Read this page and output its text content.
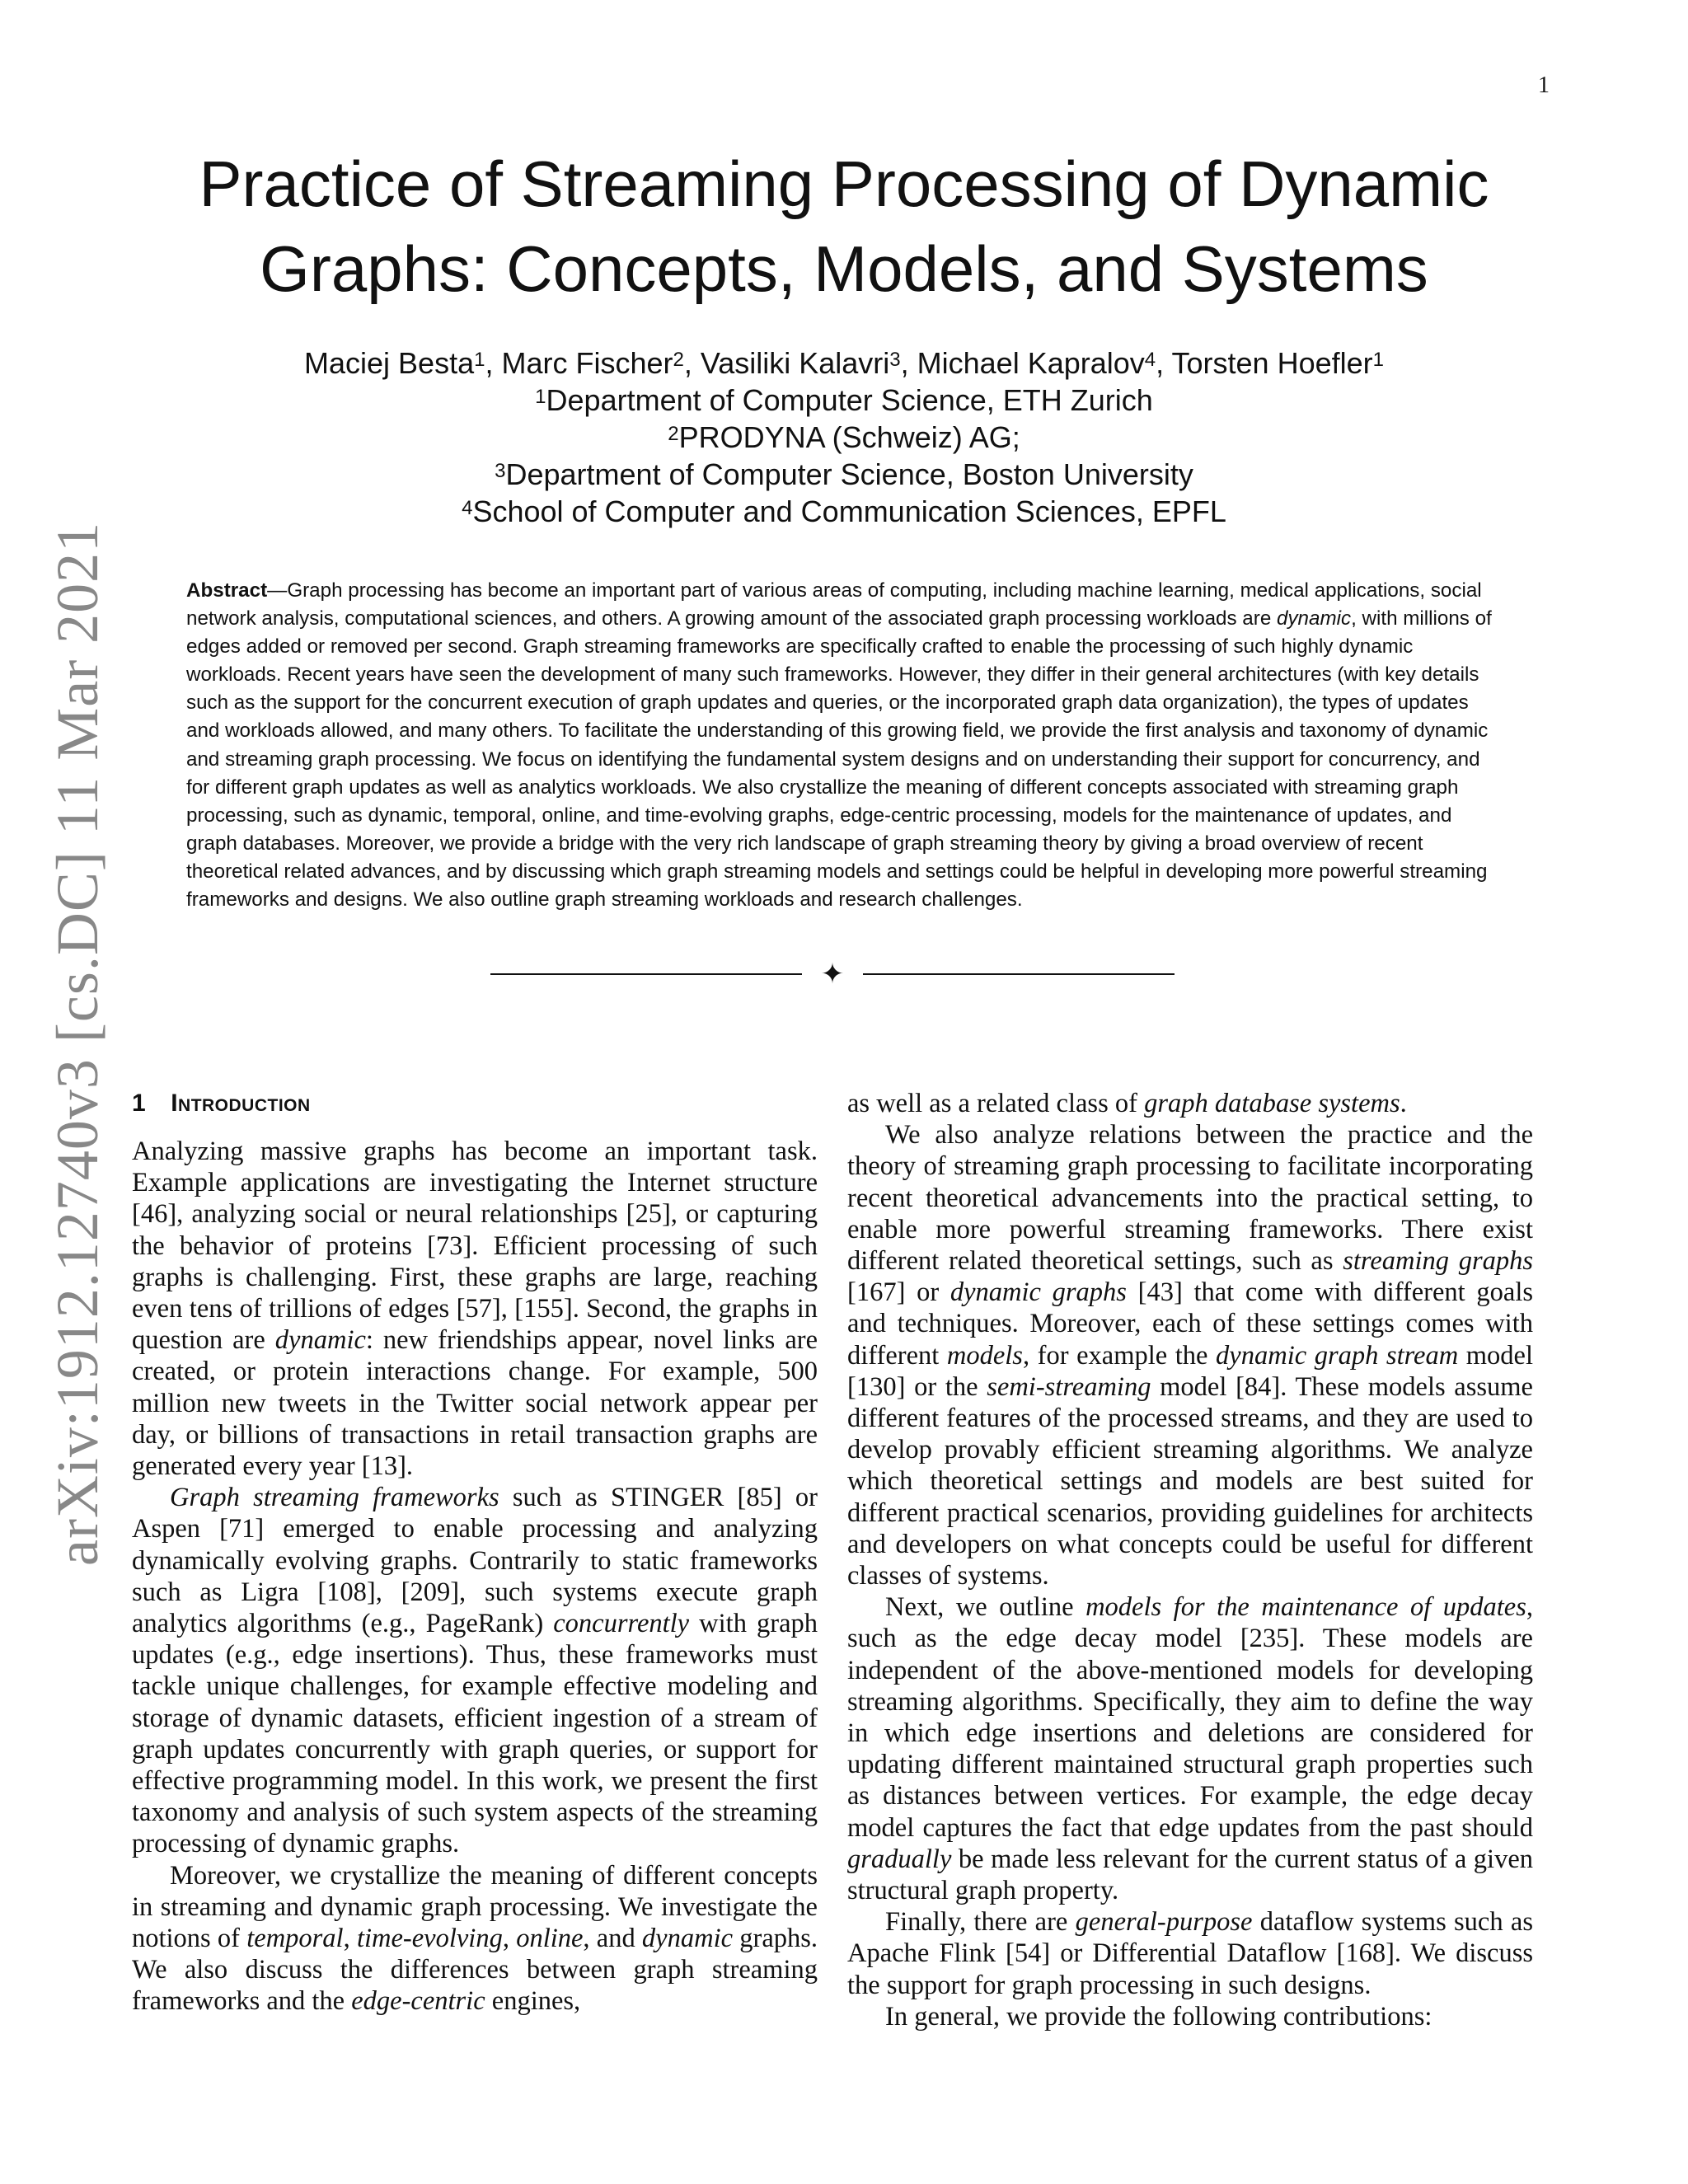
1
arXiv:1912.12740v3 [cs.DC] 11 Mar 2021
Practice of Streaming Processing of Dynamic
Graphs: Concepts, Models, and Systems
Maciej Besta$^1$, Marc Fischer$^2$, Vasiliki Kalavri$^3$, Michael Kapralov$^4$, Torsten Hoefler$^1$
$^1$Department of Computer Science, ETH Zurich
$^2$PRODYNA (Schweiz) AG;
$^3$Department of Computer Science, Boston University
$^4$School of Computer and Communication Sciences, EPFL
Abstract—Graph processing has become an important part of various areas of computing, including machine learning, medical applications, social network analysis, computational sciences, and others. A growing amount of the associated graph processing workloads are dynamic, with millions of edges added or removed per second. Graph streaming frameworks are specifically crafted to enable the processing of such highly dynamic workloads. Recent years have seen the development of many such frameworks. However, they differ in their general architectures (with key details such as the support for the concurrent execution of graph updates and queries, or the incorporated graph data organization), the types of updates and workloads allowed, and many others. To facilitate the understanding of this growing field, we provide the first analysis and taxonomy of dynamic and streaming graph processing. We focus on identifying the fundamental system designs and on understanding their support for concurrency, and for different graph updates as well as analytics workloads. We also crystallize the meaning of different concepts associated with streaming graph processing, such as dynamic, temporal, online, and time-evolving graphs, edge-centric processing, models for the maintenance of updates, and graph databases. Moreover, we provide a bridge with the very rich landscape of graph streaming theory by giving a broad overview of recent theoretical related advances, and by discussing which graph streaming models and settings could be helpful in developing more powerful streaming frameworks and designs. We also outline graph streaming workloads and research challenges.
✦
1 Introduction

Analyzing massive graphs has become an important task. Example applications are investigating the Internet structure [46], analyzing social or neural relationships [25], or capturing the behavior of proteins [73]. Efficient processing of such graphs is challenging. First, these graphs are large, reaching even tens of trillions of edges [57], [155]. Second, the graphs in question are dynamic: new friendships appear, novel links are created, or protein interactions change. For example, 500 million new tweets in the Twitter social network appear per day, or billions of transactions in retail transaction graphs are generated every year [13].

Graph streaming frameworks such as STINGER [85] or Aspen [71] emerged to enable processing and analyzing dynamically evolving graphs. Contrarily to static frameworks such as Ligra [108], [209], such systems execute graph analytics algorithms (e.g., PageRank) concurrently with graph updates (e.g., edge insertions). Thus, these frameworks must tackle unique challenges, for example effective modeling and storage of dynamic datasets, efficient ingestion of a stream of graph updates concurrently with graph queries, or support for effective programming model. In this work, we present the first taxonomy and analysis of such system aspects of the streaming processing of dynamic graphs.

Moreover, we crystallize the meaning of different concepts in streaming and dynamic graph processing. We investigate the notions of temporal, time-evolving, online, and dynamic graphs. We also discuss the differences between graph streaming frameworks and the edge-centric engines,

as well as a related class of graph database systems.

We also analyze relations between the practice and the theory of streaming graph processing to facilitate incorporating recent theoretical advancements into the practical setting, to enable more powerful streaming frameworks. There exist different related theoretical settings, such as streaming graphs [167] or dynamic graphs [43] that come with different goals and techniques. Moreover, each of these settings comes with different models, for example the dynamic graph stream model [130] or the semi-streaming model [84]. These models assume different features of the processed streams, and they are used to develop provably efficient streaming algorithms. We analyze which theoretical settings and models are best suited for different practical scenarios, providing guidelines for architects and developers on what concepts could be useful for different classes of systems.

Next, we outline models for the maintenance of updates, such as the edge decay model [235]. These models are independent of the above-mentioned models for developing streaming algorithms. Specifically, they aim to define the way in which edge insertions and deletions are considered for updating different maintained structural graph properties such as distances between vertices. For example, the edge decay model captures the fact that edge updates from the past should gradually be made less relevant for the current status of a given structural graph property.

Finally, there are general-purpose dataflow systems such as Apache Flink [54] or Differential Dataflow [168]. We discuss the support for graph processing in such designs.

In general, we provide the following contributions:
